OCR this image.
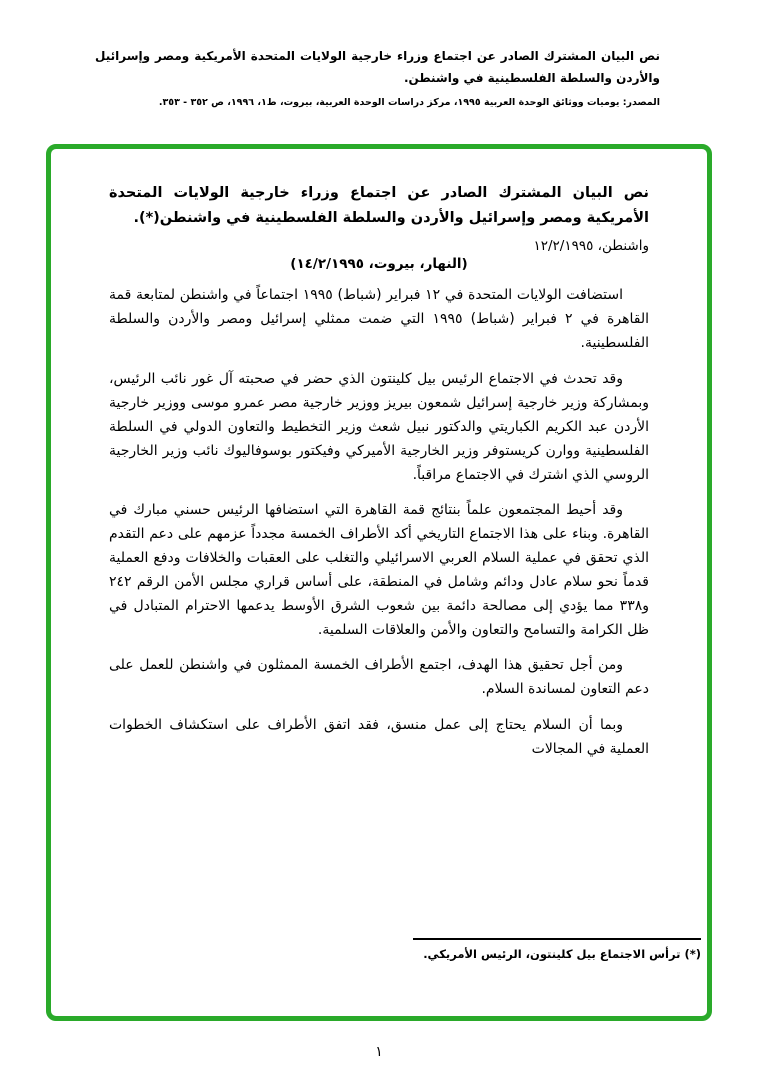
نص البيان المشترك الصادر عن اجتماع وزراء خارجية الولايات المتحدة الأمريكية ومصر وإسرائيل والأردن والسلطة الفلسطينية في واشنطن.
المصدر: يوميات ووثائق الوحدة العربية ١٩٩٥، مركز دراسات الوحدة العربية، بيروت، ط١، ١٩٩٦، ص ٣٥٢ - ٣٥٣.
نص البيان المشترك الصادر عن اجتماع وزراء خارجية الولايات المتحدة الأمريكية ومصر وإسرائيل والأردن والسلطة الفلسطينية في واشنطن(*).
واشنطن، ١٢/٢/١٩٩٥
(النهار، بيروت، ١٤/٢/١٩٩٥)

استضافت الولايات المتحدة في ١٢ فبراير (شباط) ١٩٩٥ اجتماعاً في واشنطن لمتابعة قمة القاهرة في ٢ فبراير (شباط) ١٩٩٥ التي ضمت ممثلي إسرائيل ومصر والأردن والسلطة الفلسطينية.

وقد تحدث في الاجتماع الرئيس بيل كلينتون الذي حضر في صحبته آل غور نائب الرئيس، وبمشاركة وزير خارجية إسرائيل شمعون بيريز ووزير خارجية مصر عمرو موسى ووزير خارجية الأردن عبد الكريم الكباريتي والدكتور نبيل شعث وزير التخطيط والتعاون الدولي في السلطة الفلسطينية ووارن كريستوفر وزير الخارجية الأميركي وفيكتور بوسوفاليوك نائب وزير الخارجية الروسي الذي اشترك في الاجتماع مراقباً.

وقد أحيط المجتمعون علماً بنتائج قمة القاهرة التي استضافها الرئيس حسني مبارك في القاهرة. وبناء على هذا الاجتماع التاريخي أكد الأطراف الخمسة مجدداً عزمهم على دعم التقدم الذي تحقق في عملية السلام العربي الاسرائيلي والتغلب على العقبات والخلافات ودفع العملية قدماً نحو سلام عادل ودائم وشامل في المنطقة، على أساس قراري مجلس الأمن الرقم ٢٤٢ و٣٣٨ مما يؤدي إلى مصالحة دائمة بين شعوب الشرق الأوسط يدعمها الاحترام المتبادل في ظل الكرامة والتسامح والتعاون والأمن والعلاقات السلمية.

ومن أجل تحقيق هذا الهدف، اجتمع الأطراف الخمسة الممثلون في واشنطن للعمل على دعم التعاون لمساندة السلام.

وبما أن السلام يحتاج إلى عمل منسق، فقد اتفق الأطراف على استكشاف الخطوات العملية في المجالات

(*) ترأس الاجتماع بيل كلينتون، الرئيس الأمريكي.
١
